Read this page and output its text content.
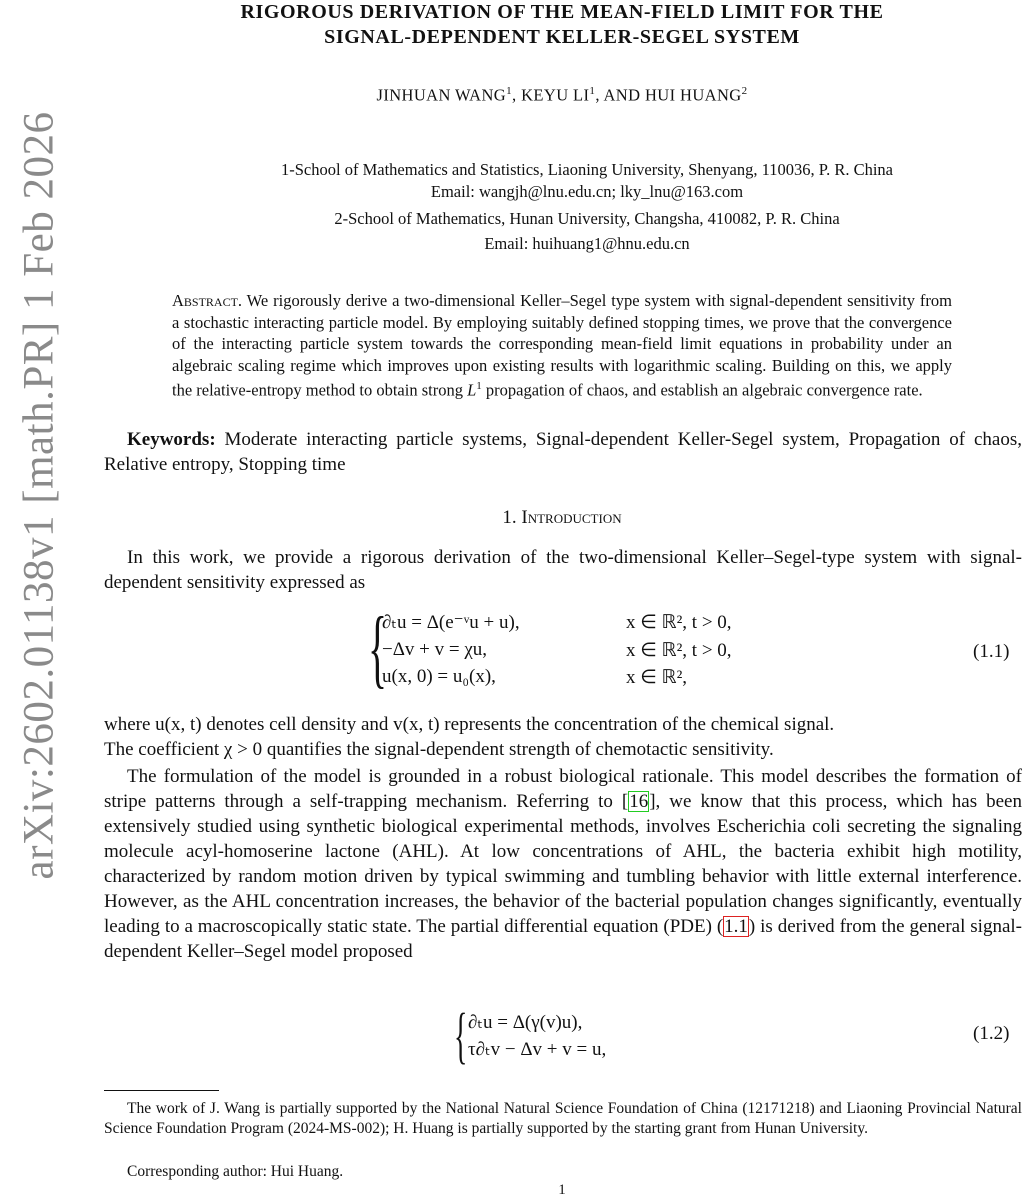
arXiv:2602.01138v1 [math.PR] 1 Feb 2026
RIGOROUS DERIVATION OF THE MEAN-FIELD LIMIT FOR THE
SIGNAL-DEPENDENT KELLER-SEGEL SYSTEM
JINHUAN WANG$^1$, KEYU $LI^1$, AND HUI HUANG$^2$
1-School of Mathematics and Statistics, Liaoning University, Shenyang, 110036, P. R. China
Email: wangjh@lnu.edu.cn; lky_lnu@163.com
2-School of Mathematics, Hunan University, Changsha, 410082, P. R. China
Email: huihuang1@hnu.edu.cn
Abstract. We rigorously derive a two-dimensional Keller–Segel type system with signal-dependent sensitivity from a stochastic interacting particle model. By employing suitably defined stopping times, we prove that the convergence of the interacting particle system towards the corresponding mean-field limit equations in probability under an algebraic scaling regime which improves upon existing results with logarithmic scaling. Building on this, we apply the relative-entropy method to obtain strong $L^1$ propagation of chaos, and establish an algebraic convergence rate.
Keywords: Moderate interacting particle systems, Signal-dependent Keller-Segel system, Propagation of chaos, Relative entropy, Stopping time
1. Introduction
In this work, we provide a rigorous derivation of the two-dimensional Keller–Segel-type system with signal-dependent sensitivity expressed as
{
∂ₜu = Δ(e⁻ᵛu + u),	x ∈ ℝ², t > 0,
−Δv + v = χu,	x ∈ ℝ², t > 0,
u(x, 0) = u₀(x),	x ∈ ℝ²,
(1.1)
where u(x, t) denotes cell density and v(x, t) represents the concentration of the chemical signal.
The coefficient χ > 0 quantifies the signal-dependent strength of chemotactic sensitivity.
The formulation of the model is grounded in a robust biological rationale. This model describes the formation of stripe patterns through a self-trapping mechanism. Referring to [16], we know that this process, which has been extensively studied using synthetic biological experimental methods, involves Escherichia coli secreting the signaling molecule acyl-homoserine lactone (AHL). At low concentrations of AHL, the bacteria exhibit high motility, characterized by random motion driven by typical swimming and tumbling behavior with little external interference. However, as the AHL concentration increases, the behavior of the bacterial population changes significantly, eventually leading to a macroscopically static state. The partial differential equation (PDE) (1.1) is derived from the general signal-dependent Keller–Segel model proposed
{ ∂ₜu = Δ(γ(v)u),
τ∂ₜv − Δv + v = u,
(1.2)
The work of J. Wang is partially supported by the National Natural Science Foundation of China (12171218) and Liaoning Provincial Natural Science Foundation Program (2024-MS-002); H. Huang is partially supported by the starting grant from Hunan University.
Corresponding author: Hui Huang.
1
